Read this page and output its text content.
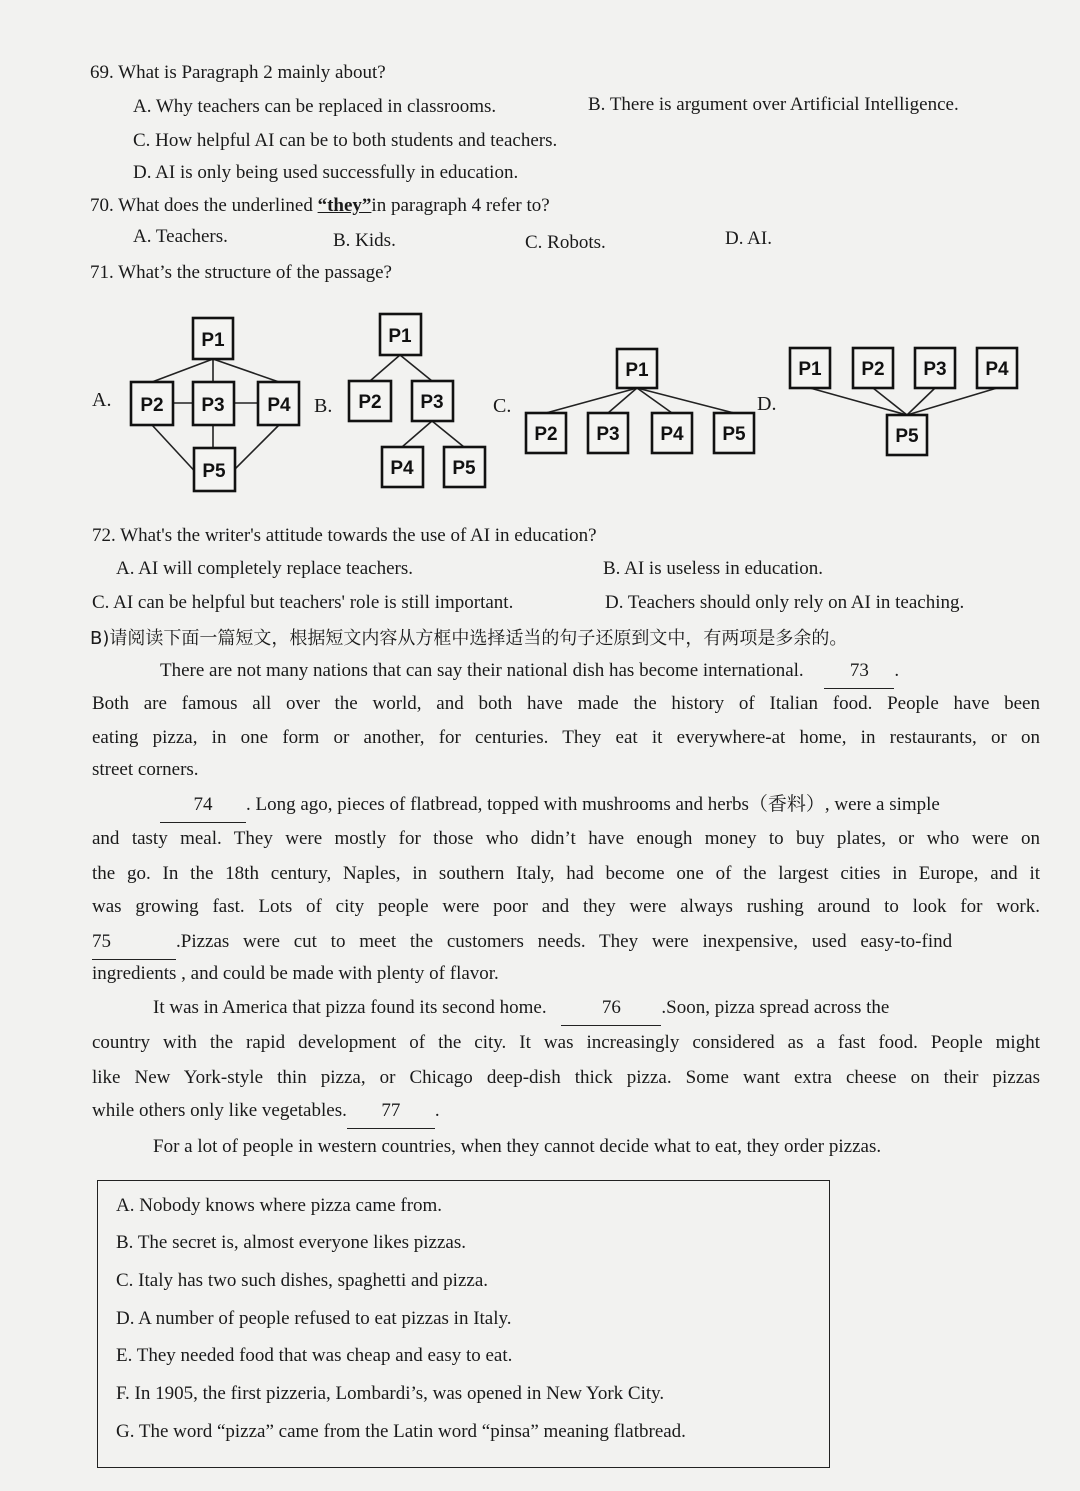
69. What is Paragraph 2 mainly about?
A. Why teachers can be replaced in classrooms.	B. There is argument over Artificial Intelligence.
C. How helpful AI can be to both students and teachers.
D. AI is only being used successfully in education.
70. What does the underlined “they”in paragraph 4 refer to?
A. Teachers.	B. Kids.	C. Robots.	D. AI.
71. What’s the structure of the passage?
A.	B.	C.	D.
P1
P2 P3 P4
P5
P1
P2 P3
P4 P5
P1
P2 P3 P4 P5
P1 P2 P3 P4
P5
72. What's the writer's attitude towards the use of AI in education?
A. AI will completely replace teachers.	B. AI is useless in education.
C. AI can be helpful but teachers' role is still important.	D. Teachers should only rely on AI in teaching.
B)请阅读下面一篇短文，根据短文内容从方框中选择适当的句子还原到文中，有两项是多余的。
There are not many nations that can say their national dish has become international. 73 .
Both are famous all over the world, and both have made the history of Italian food. People have been
eating pizza, in one form or another, for centuries. They eat it everywhere-at home, in restaurants, or on
street corners.
74 . Long ago, pieces of flatbread, topped with mushrooms and herbs（香料）, were a simple
and tasty meal. They were mostly for those who didn’t have enough money to buy plates, or who were on
the go. In the 18th century, Naples, in southern Italy, had become one of the largest cities in Europe, and it
was growing fast. Lots of city people were poor and they were always rushing around to look for work.
75	.Pizzas were cut to meet the customers needs. They were inexpensive, used easy-to-find
ingredients , and could be made with plenty of flavor.
It was in America that pizza found its second home.	76 .Soon, pizza spread across the
country with the rapid development of the city. It was increasingly considered as a fast food. People might
like New York-style thin pizza, or Chicago deep-dish thick pizza. Some want extra cheese on their pizzas
while others only like vegetables. 77 .
For a lot of people in western countries, when they cannot decide what to eat, they order pizzas.
A. Nobody knows where pizza came from.
B. The secret is, almost everyone likes pizzas.
C. Italy has two such dishes, spaghetti and pizza.
D. A number of people refused to eat pizzas in Italy.
E. They needed food that was cheap and easy to eat.
F. In 1905, the first pizzeria, Lombardi’s, was opened in New York City.
G. The word “pizza” came from the Latin word “pinsa” meaning flatbread.
